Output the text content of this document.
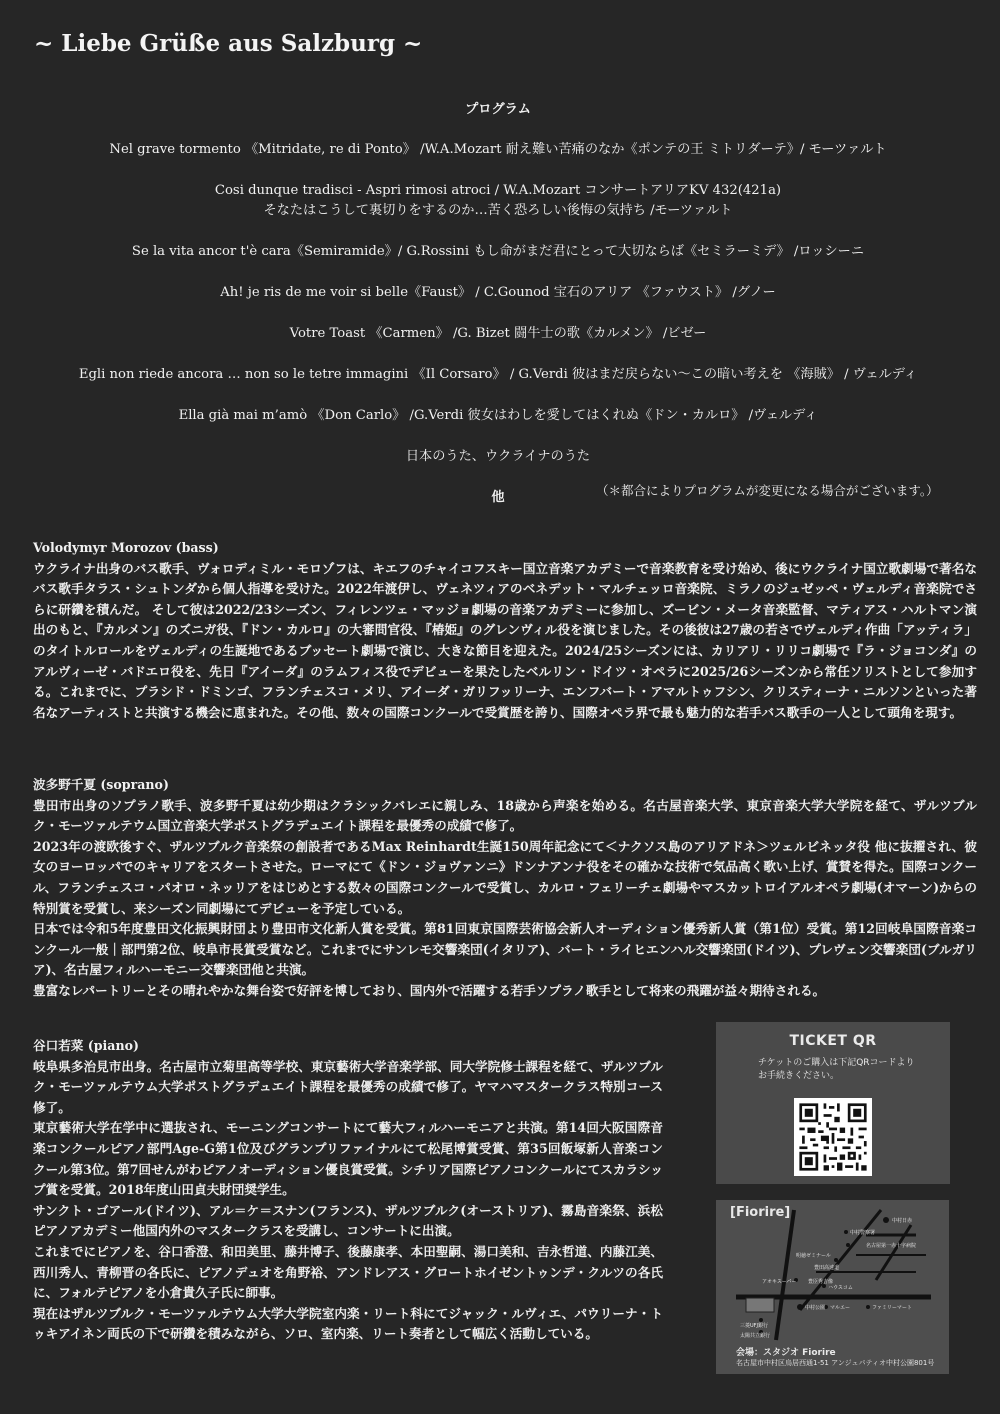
~ Liebe Grüße aus Salzburg ~
プログラム
Nel grave tormento 《Mitridate, re di Ponto》 /W.A.Mozart 耐え難い苦痛のなか《ポンテの王 ミトリダーテ》/ モーツァルト
Cosi dunque tradisci - Aspri rimosi atroci / W.A.Mozart コンサートアリアKV 432(421a)
そなたはこうして裏切りをするのか…苦く恐ろしい後悔の気持ち /モーツァルト
Se la vita ancor t'è cara《Semiramide》/ G.Rossini もし命がまだ君にとって大切ならば《セミラーミデ》 /ロッシーニ
Ah! je ris de me voir si belle《Faust》 / C.Gounod 宝石のアリア 《ファウスト》 /グノー
Votre Toast 《Carmen》 /G. Bizet 闘牛士の歌《カルメン》 /ビゼー
Egli non riede ancora … non so le tetre immagini 《Il Corsaro》 / G.Verdi 彼はまだ戻らない〜この暗い考えを 《海賊》 / ヴェルディ
Ella già mai m’amò 《Don Carlo》 /G.Verdi 彼女はわしを愛してはくれぬ《ドン・カルロ》 /ヴェルディ
日本のうた、ウクライナのうた
他	（＊都合によりプログラムが変更になる場合がございます。）

Volodymyr Morozov (bass)

ウクライナ出身のバス歌手、ヴォロディミル・モロゾフは、キエフのチャイコフスキー国立音楽アカデミーで音楽教育を受け始め、後にウクライナ国立歌劇場で著名なバス歌手タラス・シュトンダから個人指導を受けた。2022年渡伊し、ヴェネツィアのベネデット・マルチェッロ音楽院、ミラノのジュゼッペ・ヴェルディ音楽院でさらに研鑽を積んだ。 そして彼は2022/23シーズン、フィレンツェ・マッジョ劇場の音楽アカデミーに参加し、ズービン・メータ音楽監督、マティアス・ハルトマン演出のもと、『カルメン』のズニガ役、『ドン・カルロ』の大審問官役、『椿姫』のグレンヴィル役を演じました。その後彼は27歳の若さでヴェルディ作曲「アッティラ」のタイトルロールをヴェルディの生誕地であるブッセート劇場で演じ、大きな節目を迎えた。2024/25シーズンには、カリアリ・リリコ劇場で『ラ・ジョコンダ』のアルヴィーゼ・バドエロ役を、先日『アイーダ』のラムフィス役でデビューを果たしたベルリン・ドイツ・オペラに2025/26シーズンから常任ソリストとして参加する。これまでに、プラシド・ドミンゴ、フランチェスコ・メリ、アイーダ・ガリフッリーナ、エンフバート・アマルトゥフシン、クリスティーナ・ニルソンといった著名なアーティストと共演する機会に恵まれた。その他、数々の国際コンクールで受賞歴を誇り、国際オペラ界で最も魅力的な若手バス歌手の一人として頭角を現す。

波多野千夏 (soprano)

豊田市出身のソプラノ歌手、波多野千夏は幼少期はクラシックバレエに親しみ、18歳から声楽を始める。名古屋音楽大学、東京音楽大学大学院を経て、ザルツブルク・モーツァルテウム国立音楽大学ポストグラデュエイト課程を最優秀の成績で修了。

2023年の渡欧後すぐ、ザルツブルク音楽祭の創設者であるMax Reinhardt生誕150周年記念にて＜ナクソス島のアリアドネ＞ツェルビネッタ役 他に抜擢され、彼女のヨーロッパでのキャリアをスタートさせた。ローマにて《ドン・ジョヴァンニ》ドンナアンナ役をその確かな技術で気品高く歌い上げ、賞賛を得た。国際コンクール、フランチェスコ・パオロ・ネッリアをはじめとする数々の国際コンクールで受賞し、カルロ・フェリーチェ劇場やマスカットロイアルオペラ劇場(オマーン)からの特別賞を受賞し、来シーズン同劇場にてデビューを予定している。

日本では令和5年度豊田文化振興財団より豊田市文化新人賞を受賞。第81回東京国際芸術協会新人オーディション優秀新人賞（第1位）受賞。第12回岐阜国際音楽コンクール一般｜部門第2位、岐阜市長賞受賞など。これまでにサンレモ交響楽団(イタリア)、バート・ライヒエンハル交響楽団(ドイツ)、プレヴェン交響楽団(ブルガリア)、名古屋フィルハーモニー交響楽団他と共演。

豊富なレパートリーとその晴れやかな舞台姿で好評を博しており、国内外で活躍する若手ソプラノ歌手として将来の飛躍が益々期待される。

谷口若菜 (piano)

岐阜県多治見市出身。名古屋市立菊里高等学校、東京藝術大学音楽学部、同大学院修士課程を経て、ザルツブルク・モーツァルテウム大学ポストグラデュエイト課程を最優秀の成績で修了。ヤマハマスタークラス特別コース修了。

東京藝術大学在学中に選抜され、モーニングコンサートにて藝大フィルハーモニアと共演。第14回大阪国際音楽コンクールピアノ部門Age-G第1位及びグランプリファイナルにて松尾博賞受賞、第35回飯塚新人音楽コンクール第3位。第7回せんがわピアノオーディション優良賞受賞。シチリア国際ピアノコンクールにてスカラシップ賞を受賞。2018年度山田貞夫財団奨学生。

サンクト・ゴアール(ドイツ)、アル＝ケ＝スナン(フランス)、ザルツブルク(オーストリア)、霧島音楽祭、浜松ピアノアカデミー他国内外のマスタークラスを受講し、コンサートに出演。

これまでにピアノを、谷口香澄、和田美里、藤井博子、後藤康孝、本田聖嗣、湯口美和、吉永哲道、内藤江美、西川秀人、青柳晋の各氏に、ピアノデュオを角野裕、アンドレアス・グロートホイゼントゥンデ・クルツの各氏に、フォルテピアノを小倉貴久子氏に師事。

現在はザルツブルク・モーツァルテウム大学大学院室内楽・リート科にてジャック・ルヴィエ、パウリーナ・トゥキアイネン両氏の下で研鑽を積みながら、ソロ、室内楽、リート奏者として幅広く活動している。

TICKET QR
チケットのご購入は下記QRコードより
お手続きください。
[Fiorire]
中村日赤
中村警察署
名古屋第一赤十字病院
明徳ゼミナール
豊田高速道
アオキスーパー
ハウスコム
中村公園 マルエー
三菱UFJ銀行
太陽共立銀行
ファミリーマート
豊臣秀吉像
会場：スタジオ Fiorire
名古屋市中村区烏居西通1-51 アンジュパティオ中村公園801号
